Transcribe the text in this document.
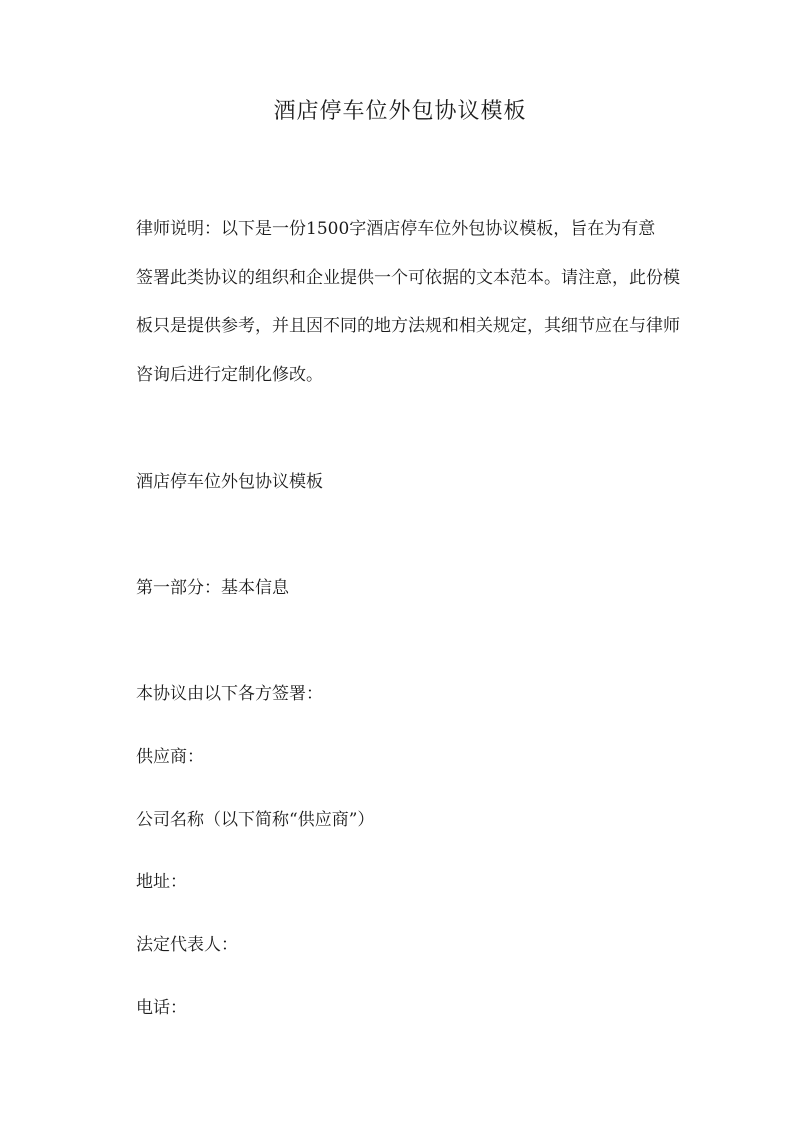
酒店停车位外包协议模板
律师说明：以下是一份1500字酒店停车位外包协议模板，旨在为有意
签署此类协议的组织和企业提供一个可依据的文本范本。请注意，此份模
板只是提供参考，并且因不同的地方法规和相关规定，其细节应在与律师
咨询后进行定制化修改。
酒店停车位外包协议模板
第一部分：基本信息
本协议由以下各方签署：
供应商：
公司名称（以下简称“供应商”）
地址：
法定代表人：
电话：
